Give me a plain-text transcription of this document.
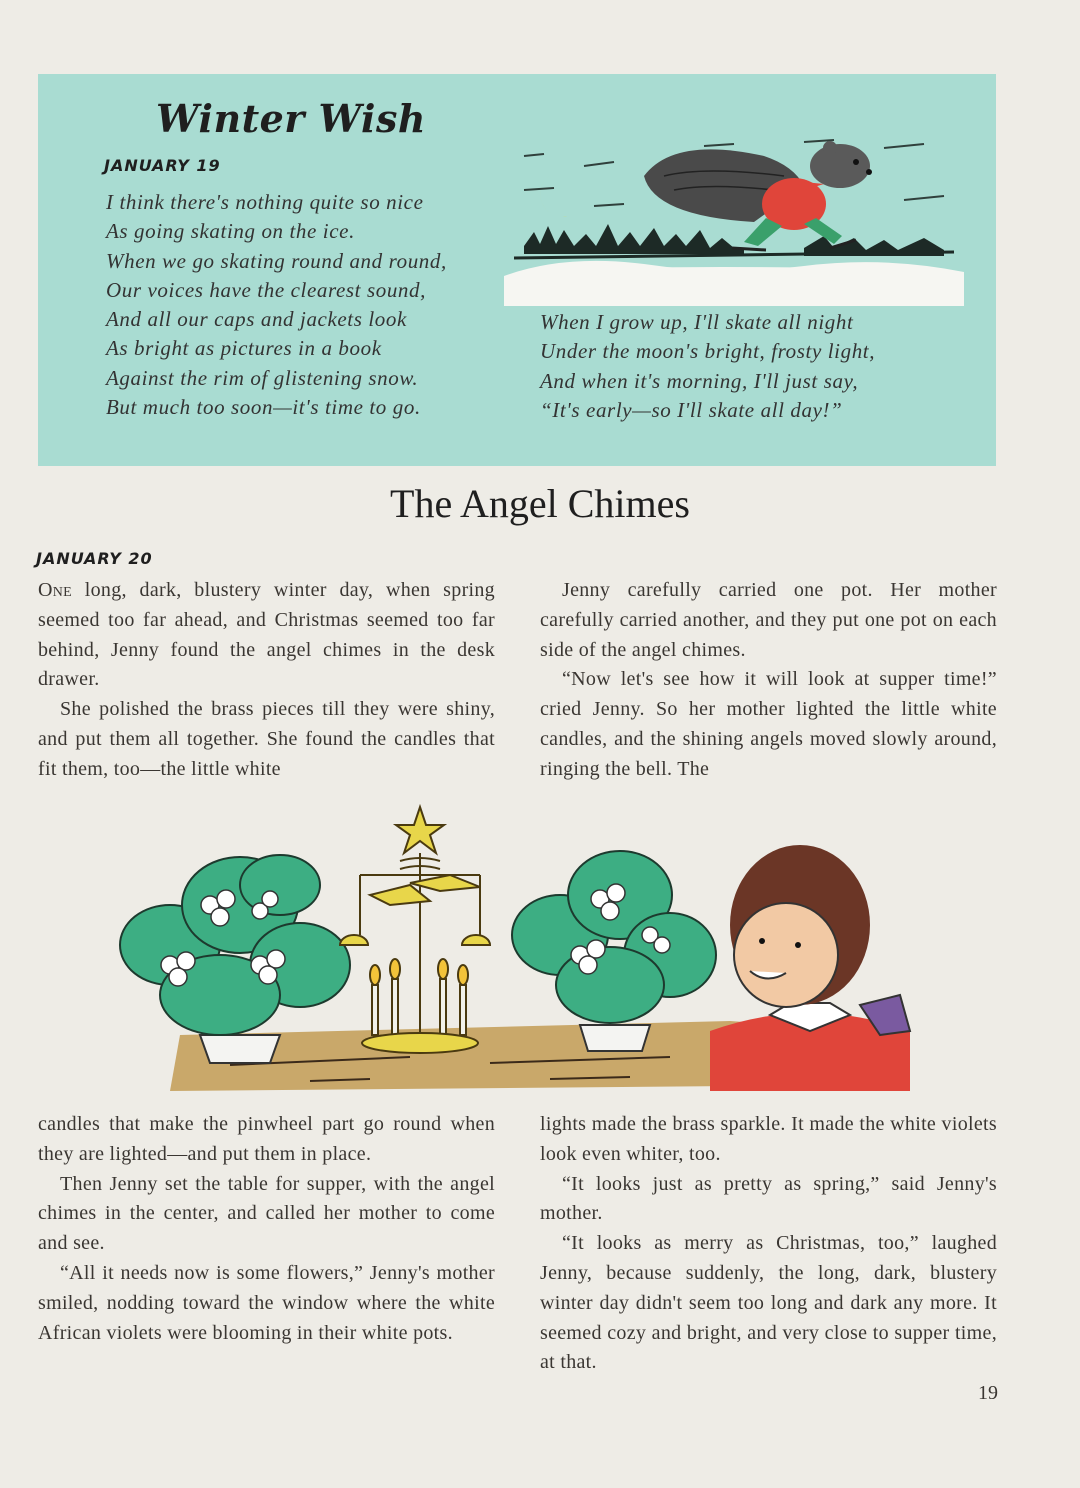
Winter Wish
JANUARY 19
I think there's nothing quite so nice
As going skating on the ice.
When we go skating round and round,
Our voices have the clearest sound,
And all our caps and jackets look
As bright as pictures in a book
Against the rim of glistening snow.
But much too soon—it's time to go.
When I grow up, I'll skate all night
Under the moon's bright, frosty light,
And when it's morning, I'll just say,
“It's early—so I'll skate all day!”
The Angel Chimes
JANUARY 20

One long, dark, blustery winter day, when spring seemed too far ahead, and Christmas seemed too far behind, Jenny found the angel chimes in the desk drawer.

She polished the brass pieces till they were shiny, and put them all together. She found the candles that fit them, too—the little white

Jenny carefully carried one pot. Her mother carefully carried another, and they put one pot on each side of the angel chimes.

“Now let's see how it will look at supper time!” cried Jenny. So her mother lighted the little white candles, and the shining angels moved slowly around, ringing the bell. The

candles that make the pinwheel part go round when they are lighted—and put them in place.

Then Jenny set the table for supper, with the angel chimes in the center, and called her mother to come and see.

“All it needs now is some flowers,” Jenny's mother smiled, nodding toward the window where the white African violets were blooming in their white pots.

lights made the brass sparkle. It made the white violets look even whiter, too.

“It looks just as pretty as spring,” said Jenny's mother.

“It looks as merry as Christmas, too,” laughed Jenny, because suddenly, the long, dark, blustery winter day didn't seem too long and dark any more. It seemed cozy and bright, and very close to supper time, at that.

19
